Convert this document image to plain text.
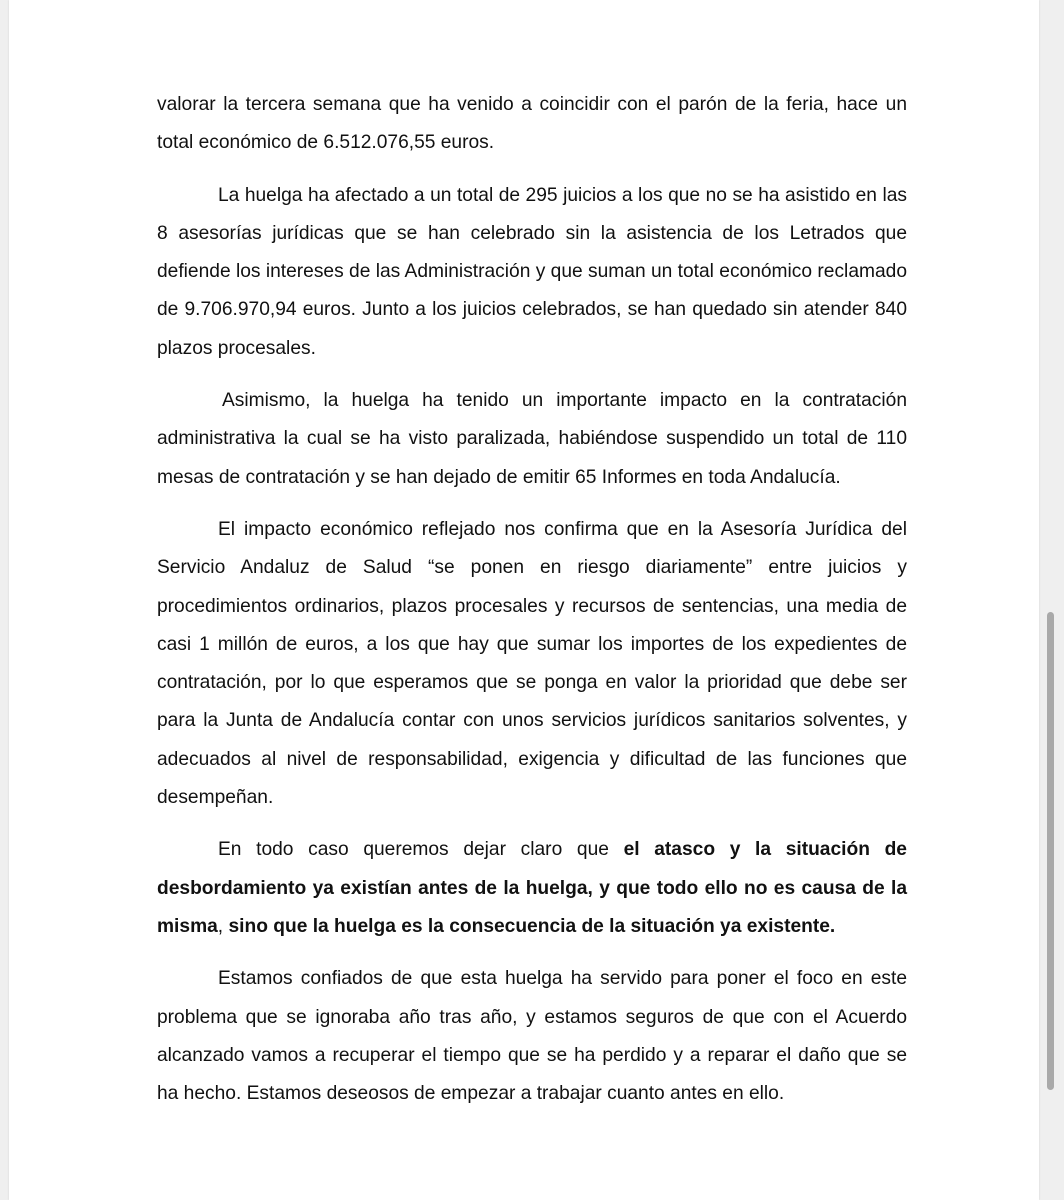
valorar la tercera semana que ha venido a coincidir con el parón de la feria, hace un total económico de 6.512.076,55 euros.

La huelga ha afectado a un total de 295 juicios a los que no se ha asistido en las 8 asesorías jurídicas que se han celebrado sin la asistencia de los Letrados que defiende los intereses de las Administración y que suman un total económico reclamado de 9.706.970,94 euros. Junto a los juicios celebrados, se han quedado sin atender 840 plazos procesales.

Asimismo, la huelga ha tenido un importante impacto en la contratación administrativa la cual se ha visto paralizada, habiéndose suspendido un total de 110 mesas de contratación y se han dejado de emitir 65 Informes en toda Andalucía.

El impacto económico reflejado nos confirma que en la Asesoría Jurídica del Servicio Andaluz de Salud “se ponen en riesgo diariamente” entre juicios y procedimientos ordinarios, plazos procesales y recursos de sentencias, una media de casi 1 millón de euros, a los que hay que sumar los importes de los expedientes de contratación, por lo que esperamos que se ponga en valor la prioridad que debe ser para la Junta de Andalucía contar con unos servicios jurídicos sanitarios solventes, y adecuados al nivel de responsabilidad, exigencia y dificultad de las funciones que desempeñan.

En todo caso queremos dejar claro que el atasco y la situación de desbordamiento ya existían antes de la huelga, y que todo ello no es causa de la misma, sino que la huelga es la consecuencia de la situación ya existente.

Estamos confiados de que esta huelga ha servido para poner el foco en este problema que se ignoraba año tras año, y estamos seguros de que con el Acuerdo alcanzado vamos a recuperar el tiempo que se ha perdido y a reparar el daño que se ha hecho. Estamos deseosos de empezar a trabajar cuanto antes en ello.
